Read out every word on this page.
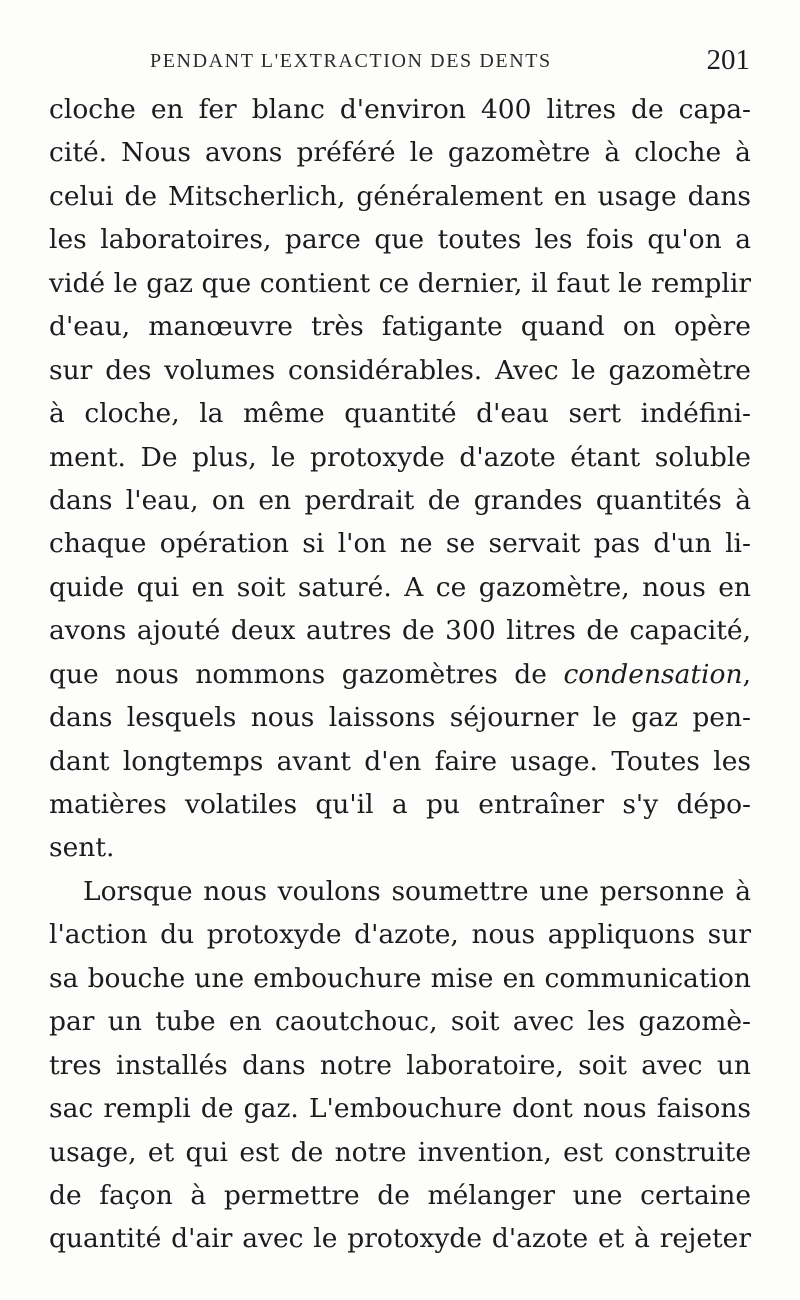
PENDANT L'EXTRACTION DES DENTS	201
cloche en fer blanc d'environ 400 litres de capa-
cité. Nous avons préféré le gazomètre à cloche à
celui de Mitscherlich, généralement en usage dans
les laboratoires, parce que toutes les fois qu'on a
vidé le gaz que contient ce dernier, il faut le remplir
d'eau, manœuvre très fatigante quand on opère
sur des volumes considérables. Avec le gazomètre
à cloche, la même quantité d'eau sert indéfini-
ment. De plus, le protoxyde d'azote étant soluble
dans l'eau, on en perdrait de grandes quantités à
chaque opération si l'on ne se servait pas d'un li-
quide qui en soit saturé. A ce gazomètre, nous en
avons ajouté deux autres de 300 litres de capacité,
que nous nommons gazomètres de condensation,
dans lesquels nous laissons séjourner le gaz pen-
dant longtemps avant d'en faire usage. Toutes les
matières volatiles qu'il a pu entraîner s'y dépo-
sent.
Lorsque nous voulons soumettre une personne à
l'action du protoxyde d'azote, nous appliquons sur
sa bouche une embouchure mise en communication
par un tube en caoutchouc, soit avec les gazomè-
tres installés dans notre laboratoire, soit avec un
sac rempli de gaz. L'embouchure dont nous faisons
usage, et qui est de notre invention, est construite
de façon à permettre de mélanger une certaine
quantité d'air avec le protoxyde d'azote et à rejeter
